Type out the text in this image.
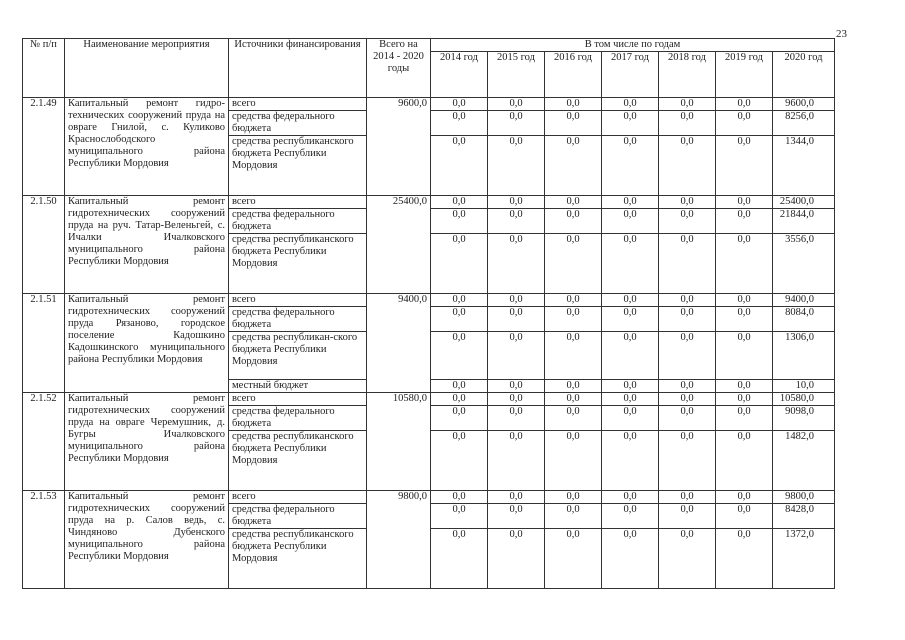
23
№ п/п	Наименование мероприятия	Источники финансирования	Всего на 2014 - 2020 годы	В том числе по годам						
				2014 год	2015 год	2016 год	2017 год	2018 год	2019 год	2020 год
2.1.49	Капитальный ремонт гидро-технических сооружений пруда на овраге Гнилой, с. Куликово Краснослободского муниципального района Республики Мордовия	всего	9600,0	0,0	0,0	0,0	0,0	0,0	0,0	9600,0
		средства федерального бюджета		0,0	0,0	0,0	0,0	0,0	0,0	8256,0
		средства республиканского бюджета Республики Мордовия		0,0	0,0	0,0	0,0	0,0	0,0	1344,0
2.1.50	Капитальный ремонт гидротехнических сооружений пруда на руч. Татар-Веленьгей, с. Ичалки Ичалковского муниципального района Республики Мордовия	всего	25400,0	0,0	0,0	0,0	0,0	0,0	0,0	25400,0
		средства федерального бюджета		0,0	0,0	0,0	0,0	0,0	0,0	21844,0
		средства республиканского бюджета Республики Мордовия		0,0	0,0	0,0	0,0	0,0	0,0	3556,0
2.1.51	Капитальный ремонт гидротехнических сооружений пруда Рязаново, городское поселение Кадошкино Кадошкинского муниципального района Республики Мордовия	всего	9400,0	0,0	0,0	0,0	0,0	0,0	0,0	9400,0
		средства федерального бюджета		0,0	0,0	0,0	0,0	0,0	0,0	8084,0
		средства республикан-ского бюджета Республики Мордовия		0,0	0,0	0,0	0,0	0,0	0,0	1306,0
		местный бюджет		0,0	0,0	0,0	0,0	0,0	0,0	10,0
2.1.52	Капитальный ремонт гидротехнических сооружений пруда на овраге Черемушник, д. Бугры Ичалковского муниципального района Республики Мордовия	всего	10580,0	0,0	0,0	0,0	0,0	0,0	0,0	10580,0
		средства федерального бюджета		0,0	0,0	0,0	0,0	0,0	0,0	9098,0
		средства республиканского бюджета Республики Мордовия		0,0	0,0	0,0	0,0	0,0	0,0	1482,0
2.1.53	Капитальный ремонт гидротехнических сооружений пруда на р. Салов ведь, с. Чиндяново Дубенского муниципального района Республики Мордовия	всего	9800,0	0,0	0,0	0,0	0,0	0,0	0,0	9800,0
		средства федерального бюджета		0,0	0,0	0,0	0,0	0,0	0,0	8428,0
		средства республиканского бюджета Республики Мордовия		0,0	0,0	0,0	0,0	0,0	0,0	1372,0
